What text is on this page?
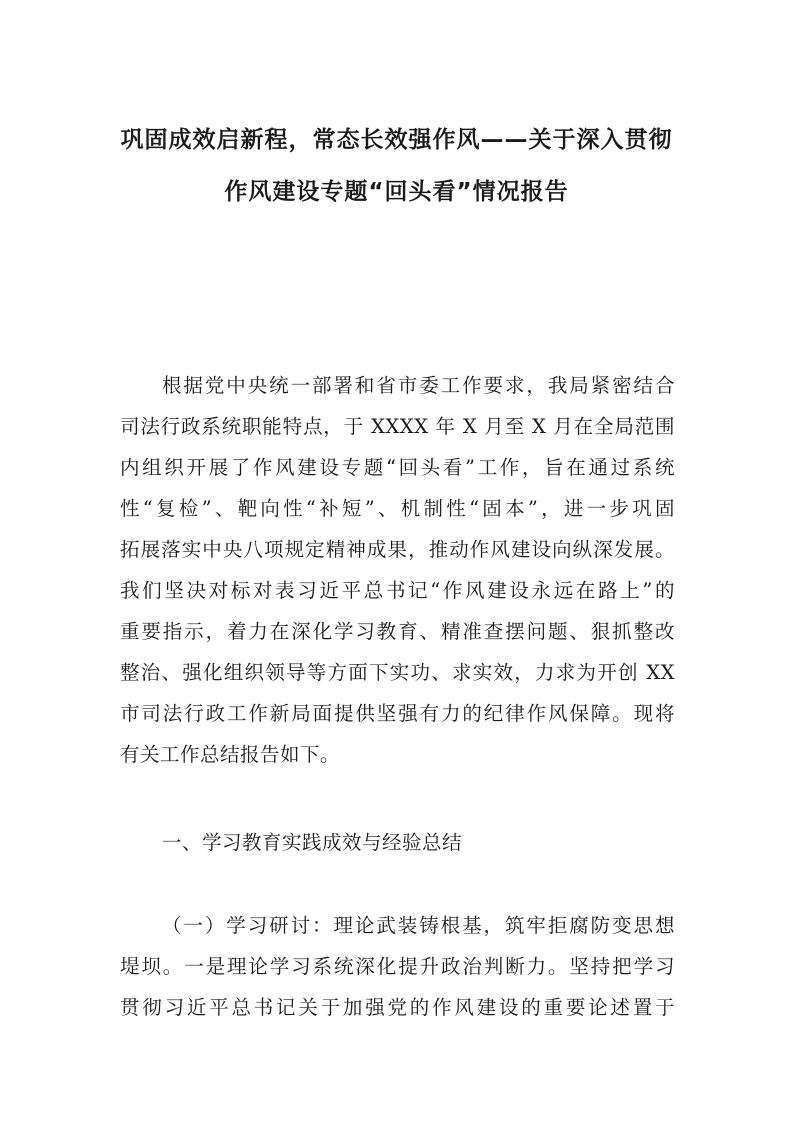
巩固成效启新程，常态长效强作风——关于深入贯彻
作风建设专题“回头看”情况报告
根据党中央统一部署和省市委工作要求，我局紧密结合
司法行政系统职能特点，于 XXXX 年 X 月至 X 月在全局范围
内组织开展了作风建设专题“回头看”工作，旨在通过系统
性“复检”、靶向性“补短”、机制性“固本”，进一步巩固
拓展落实中央八项规定精神成果，推动作风建设向纵深发展。
我们坚决对标对表习近平总书记“作风建设永远在路上”的
重要指示，着力在深化学习教育、精准查摆问题、狠抓整改
整治、强化组织领导等方面下实功、求实效，力求为开创 XX
市司法行政工作新局面提供坚强有力的纪律作风保障。现将
有关工作总结报告如下。
一、学习教育实践成效与经验总结
（一）学习研讨：理论武装铸根基，筑牢拒腐防变思想
堤坝。一是理论学习系统深化提升政治判断力。坚持把学习
贯彻习近平总书记关于加强党的作风建设的重要论述置于
